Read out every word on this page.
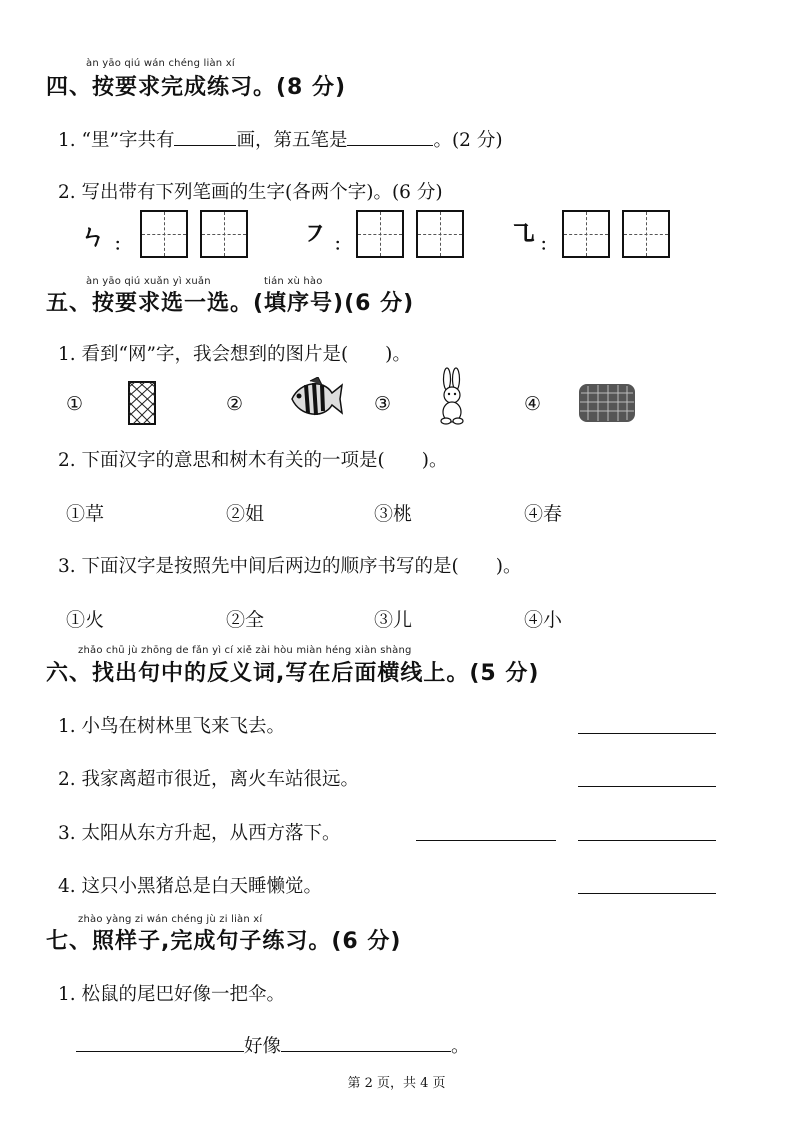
àn yāo qiú wán chéng liàn xí
四、按要求完成练习。(8 分)
1. “里”字共有	画，第五笔是	。(2 分)
2. 写出带有下列笔画的生字(各两个字)。(6 分)
ㄣ ：	㇇ ：	㇈ ：
àn yāo qiú xuǎn yì xuǎn	tián xù hào
五、按要求选一选。(填序号)(6 分)
1. 看到“网”字，我会想到的图片是(　　)。
①	②	③	④
2. 下面汉字的意思和树木有关的一项是(　　)。
①草	②姐	③桃	④春
3. 下面汉字是按照先中间后两边的顺序书写的是(　　)。
①火	②全	③儿	④小
zhǎo chū jù zhōng de fǎn yì cí xiě zài hòu miàn héng xiàn shàng
六、找出句中的反义词,写在后面横线上。(5 分)
1. 小鸟在树林里飞来飞去。
2. 我家离超市很近，离火车站很远。
3. 太阳从东方升起，从西方落下。
4. 这只小黑猪总是白天睡懒觉。
zhào yàng zi wán chéng jù zi liàn xí
七、照样子,完成句子练习。(6 分)
1. 松鼠的尾巴好像一把伞。
好像	。
第 2 页，共 4 页
